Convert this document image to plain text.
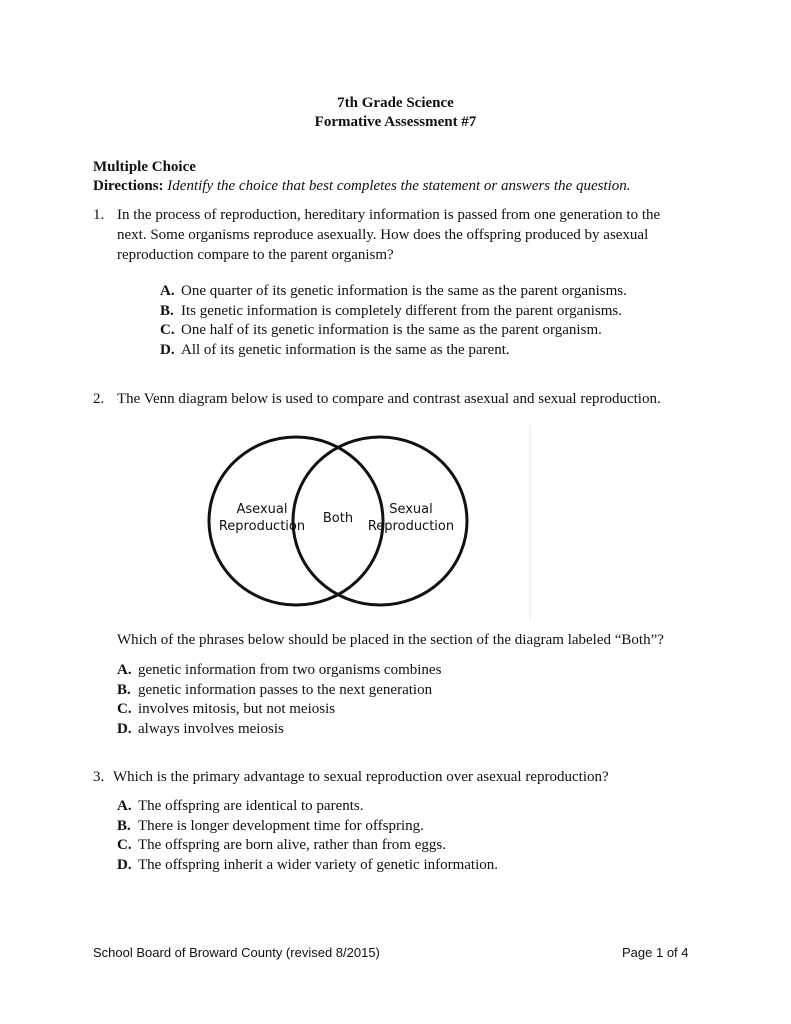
7th Grade Science
Formative Assessment #7
Multiple Choice
Directions: Identify the choice that best completes the statement or answers the question.
1. In the process of reproduction, hereditary information is passed from one generation to the
next. Some organisms reproduce asexually. How does the offspring produced by asexual
reproduction compare to the parent organism?
A. One quarter of its genetic information is the same as the parent organisms.
B. Its genetic information is completely different from the parent organisms.
C. One half of its genetic information is the same as the parent organism.
D. All of its genetic information is the same as the parent.
2. The Venn diagram below is used to compare and contrast asexual and sexual reproduction.
Asexual
Reproduction
Both
Sexual
Reproduction
Which of the phrases below should be placed in the section of the diagram labeled “Both”?
A. genetic information from two organisms combines
B. genetic information passes to the next generation
C. involves mitosis, but not meiosis
D. always involves meiosis
3. Which is the primary advantage to sexual reproduction over asexual reproduction?
A. The offspring are identical to parents.
B. There is longer development time for offspring.
C. The offspring are born alive, rather than from eggs.
D. The offspring inherit a wider variety of genetic information.
School Board of Broward County (revised 8/2015)	Page 1 of 4
